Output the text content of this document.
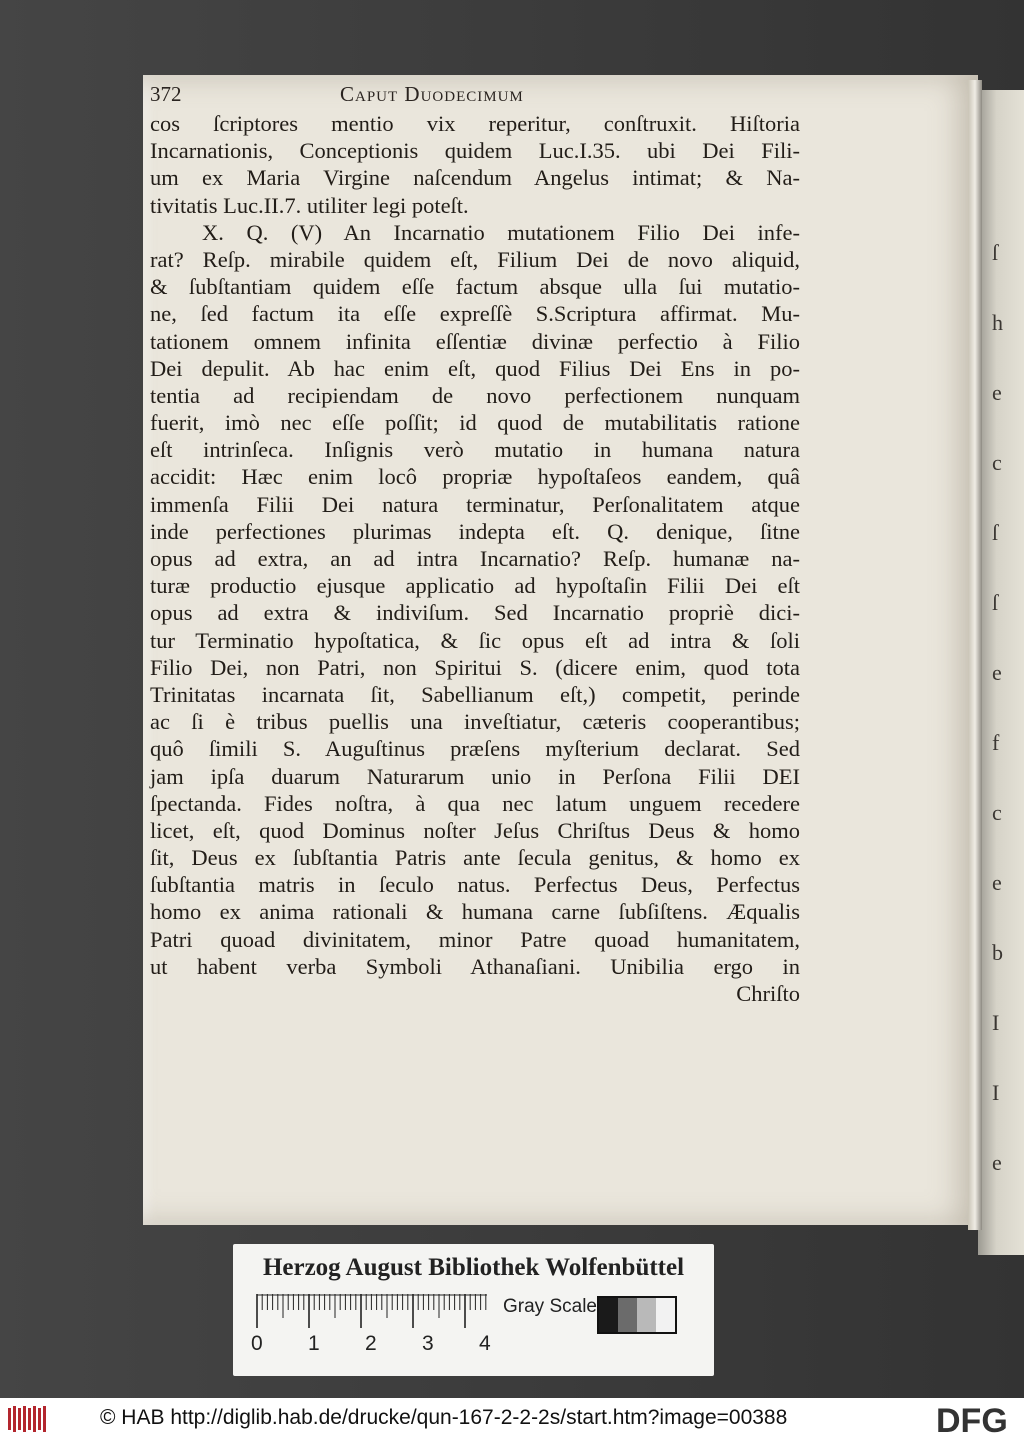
ſ
h
e
c
ſ
ſ
e
f
c
e
b
I
I
e
372	Caput Duodecimum
cos ſcriptores mentio vix reperitur, conſtruxit. Hiſtoria
Incarnationis, Conceptionis quidem Luc.I.35. ubi Dei Fili-
um ex Maria Virgine naſcendum Angelus intimat; & Na-
tivitatis Luc.II.7. utiliter legi poteſt.
X. Q. (V) An Incarnatio mutationem Filio Dei infe-
rat? Reſp. mirabile quidem eſt, Filium Dei de novo aliquid,
& ſubſtantiam quidem eſſe factum absque ulla ſui mutatio-
ne, ſed factum ita eſſe expreſſè S.Scriptura affirmat. Mu-
tationem omnem infinita eſſentiæ divinæ perfectio à Filio
Dei depulit. Ab hac enim eſt, quod Filius Dei Ens in po-
tentia ad recipiendam de novo perfectionem nunquam
fuerit, imò nec eſſe poſſit; id quod de mutabilitatis ratione
eſt intrinſeca. Inſignis verò mutatio in humana natura
accidit: Hæc enim locô propriæ hypoſtaſeos eandem, quâ
immenſa Filii Dei natura terminatur, Perſonalitatem atque
inde perfectiones plurimas indepta eſt. Q. denique, ſitne
opus ad extra, an ad intra Incarnatio? Reſp. humanæ na-
turæ productio ejusque applicatio ad hypoſtaſin Filii Dei eſt
opus ad extra & indiviſum. Sed Incarnatio propriè dici-
tur Terminatio hypoſtatica, & ſic opus eſt ad intra & ſoli
Filio Dei, non Patri, non Spiritui S. (dicere enim, quod tota
Trinitatas incarnata ſit, Sabellianum eſt,) competit, perinde
ac ſi è tribus puellis una inveſtiatur, cæteris cooperantibus;
quô ſimili S. Auguſtinus præſens myſterium declarat. Sed
jam ipſa duarum Naturarum unio in Perſona Filii DEI
ſpectanda. Fides noſtra, à qua nec latum unguem recedere
licet, eſt, quod Dominus noſter Jeſus Chriſtus Deus & homo
ſit, Deus ex ſubſtantia Patris ante ſecula genitus, & homo ex
ſubſtantia matris in ſeculo natus. Perfectus Deus, Perfectus
homo ex anima rationali & humana carne ſubſiſtens. Æqualis
Patri quoad divinitatem, minor Patre quoad humanitatem,
ut habent verba Symboli Athanaſiani. Unibilia ergo in
Chriſto
Herzog August Bibliothek Wolfenbüttel
0 1 2 3 4
Gray Scale
© HAB http://diglib.hab.de/drucke/qun-167-2-2-2s/start.htm?image=00388	DFG
